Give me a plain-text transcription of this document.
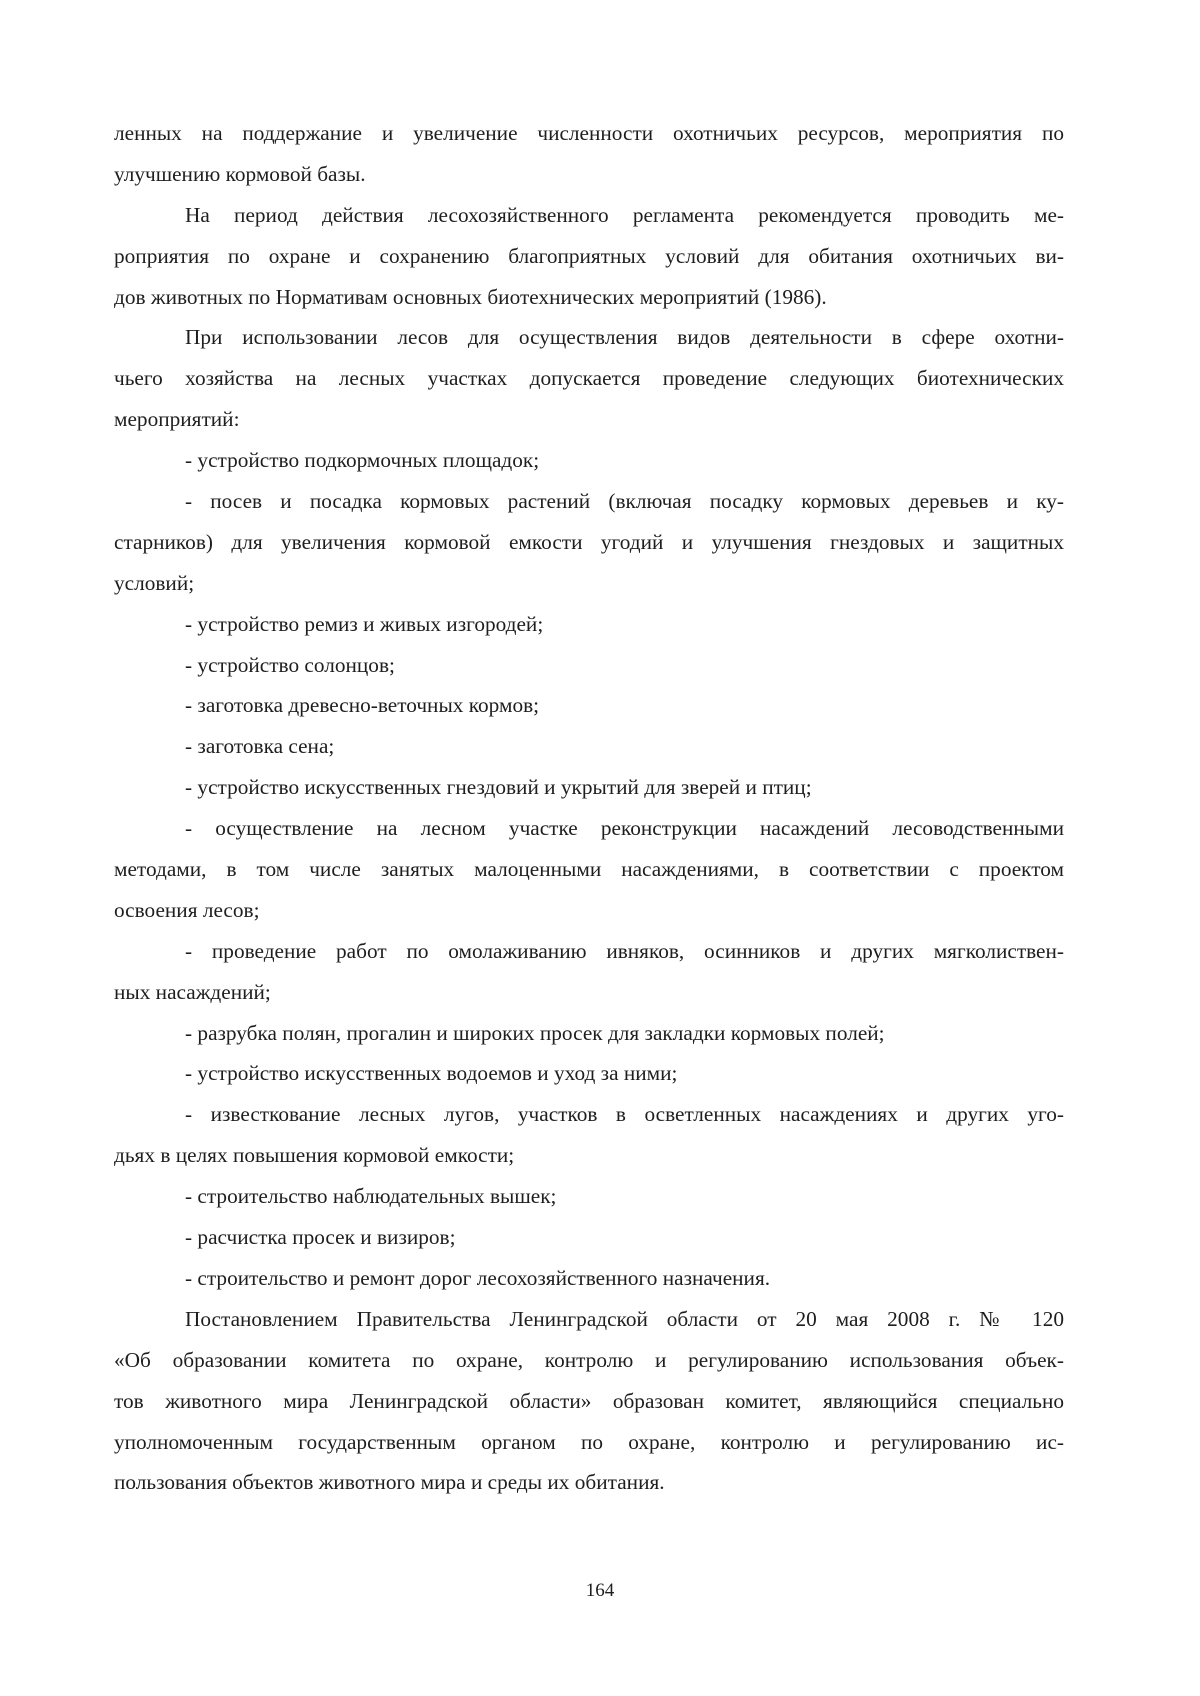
ленных на поддержание и увеличение численности охотничьих ресурсов, мероприятия по
улучшению кормовой базы.
На период действия лесохозяйственного регламента рекомендуется проводить ме-
роприятия по охране и сохранению благоприятных условий для обитания охотничьих ви-
дов животных по Нормативам основных биотехнических мероприятий (1986).
При использовании лесов для осуществления видов деятельности в сфере охотни-
чьего хозяйства на лесных участках допускается проведение следующих биотехнических
мероприятий:
- устройство подкормочных площадок;
- посев и посадка кормовых растений (включая посадку кормовых деревьев и ку-
старников) для увеличения кормовой емкости угодий и улучшения гнездовых и защитных
условий;
- устройство ремиз и живых изгородей;
- устройство солонцов;
- заготовка древесно-веточных кормов;
- заготовка сена;
- устройство искусственных гнездовий и укрытий для зверей и птиц;
- осуществление на лесном участке реконструкции насаждений лесоводственными
методами, в том числе занятых малоценными насаждениями, в соответствии с проектом
освоения лесов;
- проведение работ по омолаживанию ивняков, осинников и других мягколиствен-
ных насаждений;
- разрубка полян, прогалин и широких просек для закладки кормовых полей;
- устройство искусственных водоемов и уход за ними;
- известкование лесных лугов, участков в осветленных насаждениях и других уго-
дьях в целях повышения кормовой емкости;
- строительство наблюдательных вышек;
- расчистка просек и визиров;
- строительство и ремонт дорог лесохозяйственного назначения.
Постановлением Правительства Ленинградской области от 20 мая 2008 г. № 120
«Об образовании комитета по охране, контролю и регулированию использования объек-
тов животного мира Ленинградской области» образован комитет, являющийся специально
уполномоченным государственным органом по охране, контролю и регулированию ис-
пользования объектов животного мира и среды их обитания.
164
